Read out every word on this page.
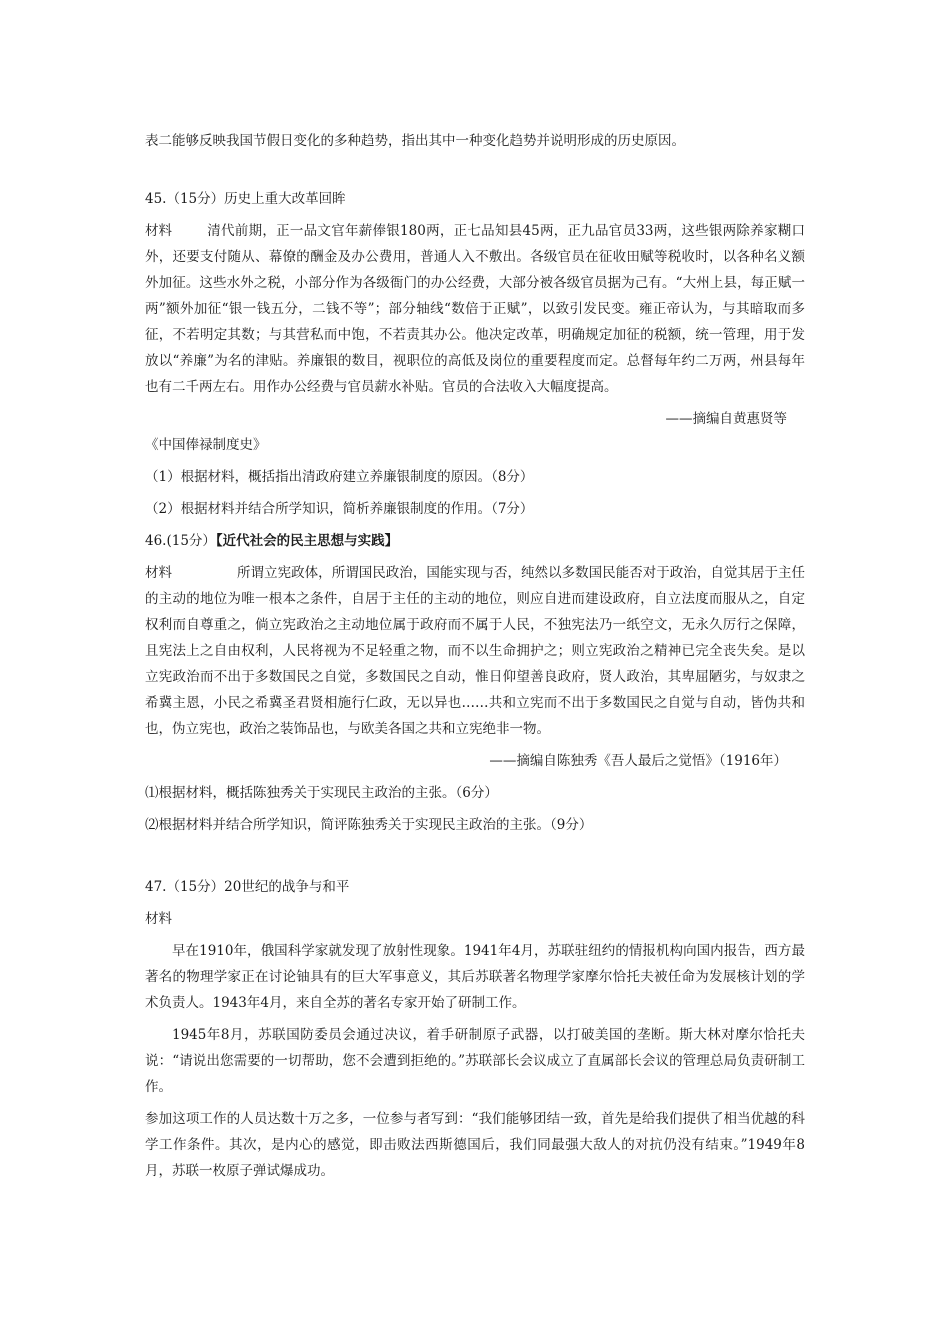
表二能够反映我国节假日变化的多种趋势，指出其中一种变化趋势并说明形成的历史原因。

45.（15分）历史上重大改革回眸

材料	清代前期，正一品文官年薪俸银180两，正七品知县45两，正九品官员33两，这些银两除养家糊口外，还要支付随从、幕僚的酬金及办公费用，普通人入不敷出。各级官员在征收田赋等税收时，以各种名义额外加征。这些水外之税，小部分作为各级衙门的办公经费，大部分被各级官员据为己有。“大州上县，每正赋一两”额外加征“银一钱五分，二钱不等”；部分轴线“数倍于正赋”，以致引发民变。雍正帝认为，与其暗取而多征，不若明定其数；与其营私而中饱，不若责其办公。他决定改革，明确规定加征的税额，统一管理，用于发放以“养廉”为名的津贴。养廉银的数目，视职位的高低及岗位的重要程度而定。总督每年约二万两，州县每年也有二千两左右。用作办公经费与官员薪水补贴。官员的合法收入大幅度提高。

——摘编自黄惠贤等

《中国俸禄制度史》

（1）根据材料，概括指出清政府建立养廉银制度的原因。（8分）

（2）根据材料并结合所学知识，简析养廉银制度的作用。（7分）

46.(15分）【近代社会的民主思想与实践】

材料	所谓立宪政体，所谓国民政治，国能实现与否，纯然以多数国民能否对于政治，自觉其居于主任的主动的地位为唯一根本之条件，自居于主任的主动的地位，则应自进而建设政府，自立法度而服从之，自定权利而自尊重之，倘立宪政治之主动地位属于政府而不属于人民，不独宪法乃一纸空文，无永久厉行之保障，且宪法上之自由权利，人民将视为不足轻重之物，而不以生命拥护之；则立宪政治之精神已完全丧失矣。是以立宪政治而不出于多数国民之自觉，多数国民之自动，惟日仰望善良政府，贤人政治，其卑屈陋劣，与奴隶之希冀主恩，小民之希冀圣君贤相施行仁政，无以异也……共和立宪而不出于多数国民之自觉与自动，皆伪共和也，伪立宪也，政治之装饰品也，与欧美各国之共和立宪绝非一物。

——摘编自陈独秀《吾人最后之觉悟》（1916年）

⑴根据材料，概括陈独秀关于实现民主政治的主张。（6分）

⑵根据材料并结合所学知识，简评陈独秀关于实现民主政治的主张。（9分）

47.（15分）20世纪的战争与和平

材料

早在1910年，俄国科学家就发现了放射性现象。1941年4月，苏联驻纽约的情报机构向国内报告，西方最著名的物理学家正在讨论铀具有的巨大军事意义，其后苏联著名物理学家摩尔恰托夫被任命为发展核计划的学术负责人。1943年4月，来自全苏的著名专家开始了研制工作。

1945年8月，苏联国防委员会通过决议，着手研制原子武器，以打破美国的垄断。斯大林对摩尔恰托夫说：“请说出您需要的一切帮助，您不会遭到拒绝的。”苏联部长会议成立了直属部长会议的管理总局负责研制工作。

参加这项工作的人员达数十万之多，一位参与者写到：“我们能够团结一致，首先是给我们提供了相当优越的科学工作条件。其次，是内心的感觉，即击败法西斯德国后，我们同最强大敌人的对抗仍没有结束。”1949年8月，苏联一枚原子弹试爆成功。
